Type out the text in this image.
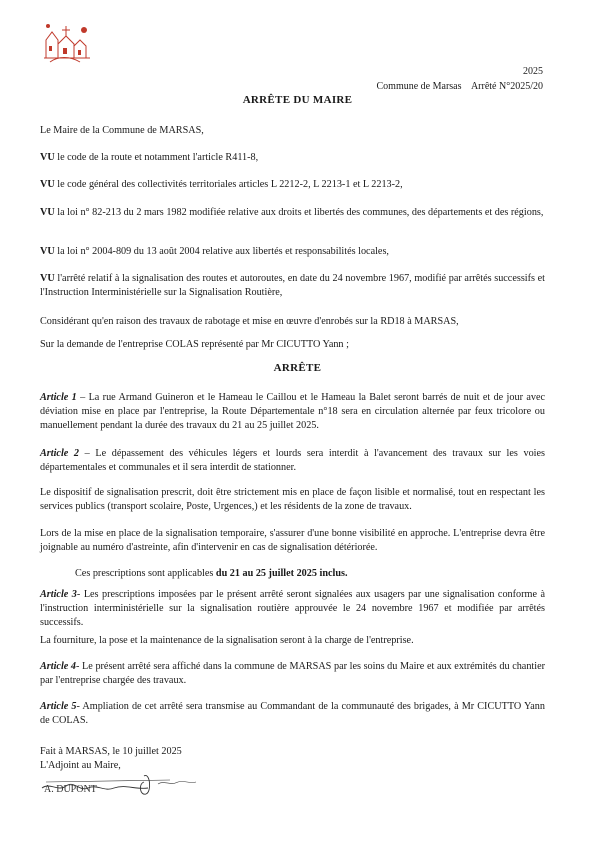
2025
Commune de Marsas    Arrêté N°2025/20
ARRÊTE DU MAIRE
Le Maire de la Commune de MARSAS,
VU le code de la route et notamment l'article R411-8,
VU le code général des collectivités territoriales articles L 2212-2, L 2213-1 et L 2213-2,
VU la loi n° 82-213 du 2 mars 1982 modifiée relative aux droits et libertés des communes, des départements et des régions,
VU la loi n° 2004-809 du 13 août 2004 relative aux libertés et responsabilités locales,
VU l'arrêté relatif à la signalisation des routes et autoroutes, en date du 24 novembre 1967, modifié par arrêtés successifs et l'Instruction Interministérielle sur la Signalisation Routière,
Considérant qu'en raison des travaux de rabotage et mise en œuvre d'enrobés sur la RD18 à MARSAS,
Sur la demande de l'entreprise COLAS représenté par Mr CICUTTO Yann ;
ARRÊTE
Article 1 – La rue Armand Guineron et le Hameau le Caillou et le Hameau la Balet seront barrés de nuit et de jour avec déviation mise en place par l'entreprise, la Route Départementale n°18 sera en circulation alternée par feux tricolore ou manuellement pendant la durée des travaux du 21 au 25 juillet 2025.
Article 2 – Le dépassement des véhicules légers et lourds sera interdit à l'avancement des travaux sur les voies départementales et communales et il sera interdit de stationner.
Le dispositif de signalisation prescrit, doit être strictement mis en place de façon lisible et normalisé, tout en respectant les services publics (transport scolaire, Poste, Urgences,) et les résidents de la zone de travaux.
Lors de la mise en place de la signalisation temporaire, s'assurer d'une bonne visibilité en approche. L'entreprise devra être joignable au numéro d'astreinte, afin d'intervenir en cas de signalisation détériorée.
Ces prescriptions sont applicables du 21 au 25 juillet 2025 inclus.
Article 3- Les prescriptions imposées par le présent arrêté seront signalées aux usagers par une signalisation conforme à l'instruction interministérielle sur la signalisation routière approuvée le 24 novembre 1967 et modifiée par arrêtés successifs.
La fourniture, la pose et la maintenance de la signalisation seront à la charge de l'entreprise.
Article 4- Le présent arrêté sera affiché dans la commune de MARSAS par les soins du Maire et aux extrémités du chantier par l'entreprise chargée des travaux.
Article 5- Ampliation de cet arrêté sera transmise au Commandant de la communauté des brigades, à Mr CICUTTO Yann de COLAS.
Fait à MARSAS, le 10 juillet 2025
L'Adjoint au Maire,
A. DUPONT
